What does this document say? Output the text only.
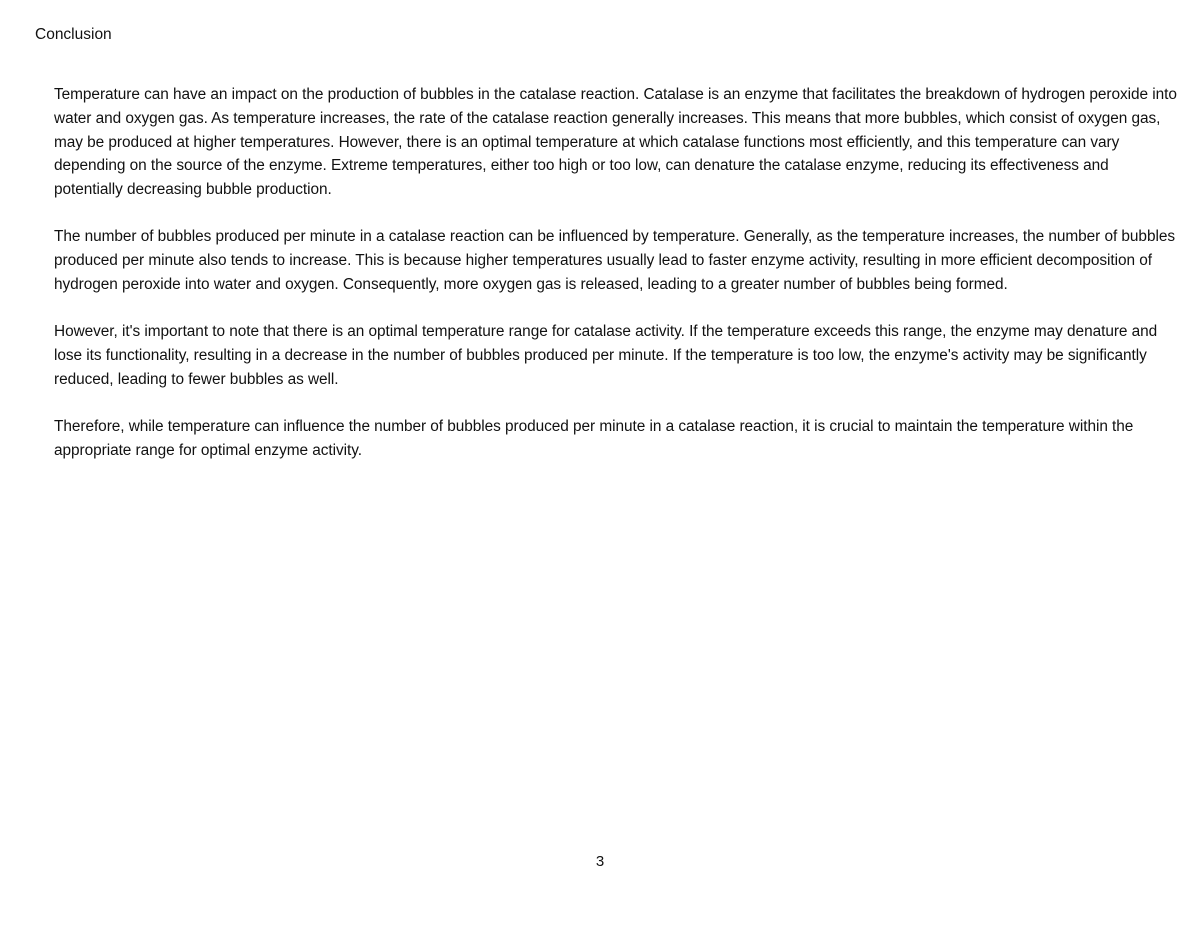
Conclusion

Temperature can have an impact on the production of bubbles in the catalase reaction. Catalase is an enzyme that facilitates the breakdown of hydrogen peroxide into water and oxygen gas. As temperature increases, the rate of the catalase reaction generally increases. This means that more bubbles, which consist of oxygen gas, may be produced at higher temperatures. However, there is an optimal temperature at which catalase functions most efficiently, and this temperature can vary depending on the source of the enzyme. Extreme temperatures, either too high or too low, can denature the catalase enzyme, reducing its effectiveness and potentially decreasing bubble production.

The number of bubbles produced per minute in a catalase reaction can be influenced by temperature. Generally, as the temperature increases, the number of bubbles produced per minute also tends to increase. This is because higher temperatures usually lead to faster enzyme activity, resulting in more efficient decomposition of hydrogen peroxide into water and oxygen. Consequently, more oxygen gas is released, leading to a greater number of bubbles being formed.

However, it's important to note that there is an optimal temperature range for catalase activity. If the temperature exceeds this range, the enzyme may denature and lose its functionality, resulting in a decrease in the number of bubbles produced per minute. If the temperature is too low, the enzyme's activity may be significantly reduced, leading to fewer bubbles as well.

Therefore, while temperature can influence the number of bubbles produced per minute in a catalase reaction, it is crucial to maintain the temperature within the appropriate range for optimal enzyme activity.

3
